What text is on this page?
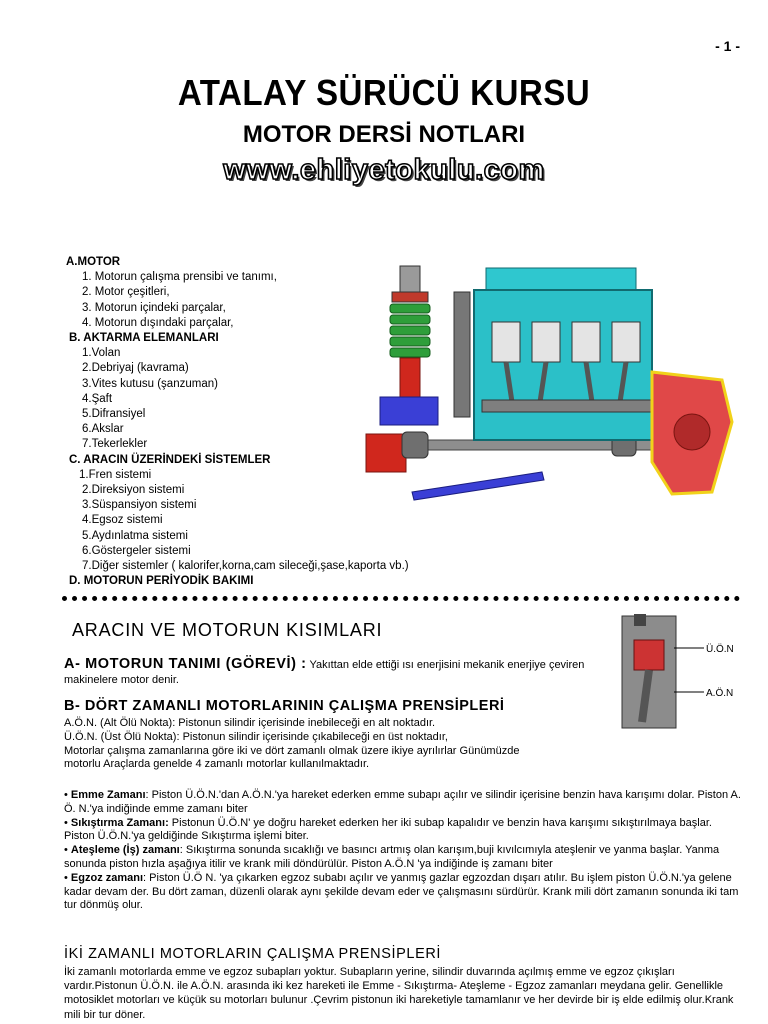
- 1 -
ATALAY SÜRÜCÜ KURSU
MOTOR DERSİ NOTLARI
www.ehliyetokulu.com
A.MOTOR
1. Motorun çalışma prensibi ve tanımı,
2. Motor çeşitleri,
3. Motorun içindeki parçalar,
4. Motorun dışındaki parçalar,
B. AKTARMA ELEMANLARI
1.Volan
2.Debriyaj (kavrama)
3.Vites kutusu (şanzuman)
4.Şaft
5.Difransiyel
6.Akslar
7.Tekerlekler
C. ARACIN ÜZERİNDEKİ SİSTEMLER
1.Fren sistemi
2.Direksiyon sistemi
3.Süspansiyon sistemi
4.Egsoz sistemi
5.Aydınlatma sistemi
6.Göstergeler sistemi
7.Diğer sistemler ( kalorifer,korna,cam sileceği,şase,kaporta vb.)
D. MOTORUN PERİYODİK BAKIMI
ARACIN VE MOTORUN KISIMLARI
Ü.Ö.N
A.Ö.N
A- MOTORUN TANIMI (GÖREVİ) : Yakıttan elde ettiği ısı enerjisini mekanik enerjiye çeviren makinelere motor denir.
B- DÖRT ZAMANLI MOTORLARININ ÇALIŞMA PRENSİPLERİ
A.Ö.N. (Alt Ölü Nokta): Pistonun silindir içerisinde inebileceği en alt noktadır.
Ü.Ö.N. (Üst Ölü Nokta): Pistonun silindir içerisinde çıkabileceği en üst noktadır,
Motorlar çalışma zamanlarına göre iki ve dört zamanlı olmak üzere ikiye ayrılırlar Günümüzde
motorlu Araçlarda genelde 4 zamanlı motorlar kullanılmaktadır.
• Emme Zamanı: Piston Ü.Ö.N.'dan A.Ö.N.'ya hareket ederken emme subapı açılır ve silindir içerisine benzin hava karışımı dolar. Piston A. Ö. N.'ya indiğinde emme zamanı biter
• Sıkıştırma Zamanı: Pistonun Ü.Ö.N' ye doğru hareket ederken her iki subap kapalıdır ve benzin hava karışımı sıkıştırılmaya başlar. Piston Ü.Ö.N.'ya geldiğinde Sıkıştırma işlemi biter.
• Ateşleme (İş) zamanı: Sıkıştırma sonunda sıcaklığı ve basıncı artmış olan karışım,buji kıvılcımıyla ateşlenir ve yanma başlar. Yanma sonunda piston hızla aşağıya itilir ve krank mili döndürülür. Piston A.Ö.N 'ya indiğinde iş zamanı biter
• Egzoz zamanı: Piston Ü.Ö N. 'ya çıkarken egzoz subabı açılır ve yanmış gazlar egzozdan dışarı atılır. Bu işlem piston Ü.Ö.N.'ya gelene kadar devam der. Bu dört zaman, düzenli olarak aynı şekilde devam eder ve çalışmasını sürdürür. Krank mili dört zamanın sonunda iki tam tur dönmüş olur.
İKİ ZAMANLI MOTORLARIN ÇALIŞMA PRENSİPLERİ
İki zamanlı motorlarda emme ve egzoz subapları yoktur. Subapların yerine, silindir duvarında açılmış emme ve egzoz çıkışları vardır.Pistonun Ü.Ö.N. ile A.Ö.N. arasında iki kez hareketi ile Emme - Sıkıştırma- Ateşleme - Egzoz zamanları meydana gelir. Genellikle motosiklet motorları ve küçük su motorları bulunur .Çevrim pistonun iki hareketiyle tamamlanır ve her devirde bir iş elde edilmiş olur.Krank mili bir tur döner.
